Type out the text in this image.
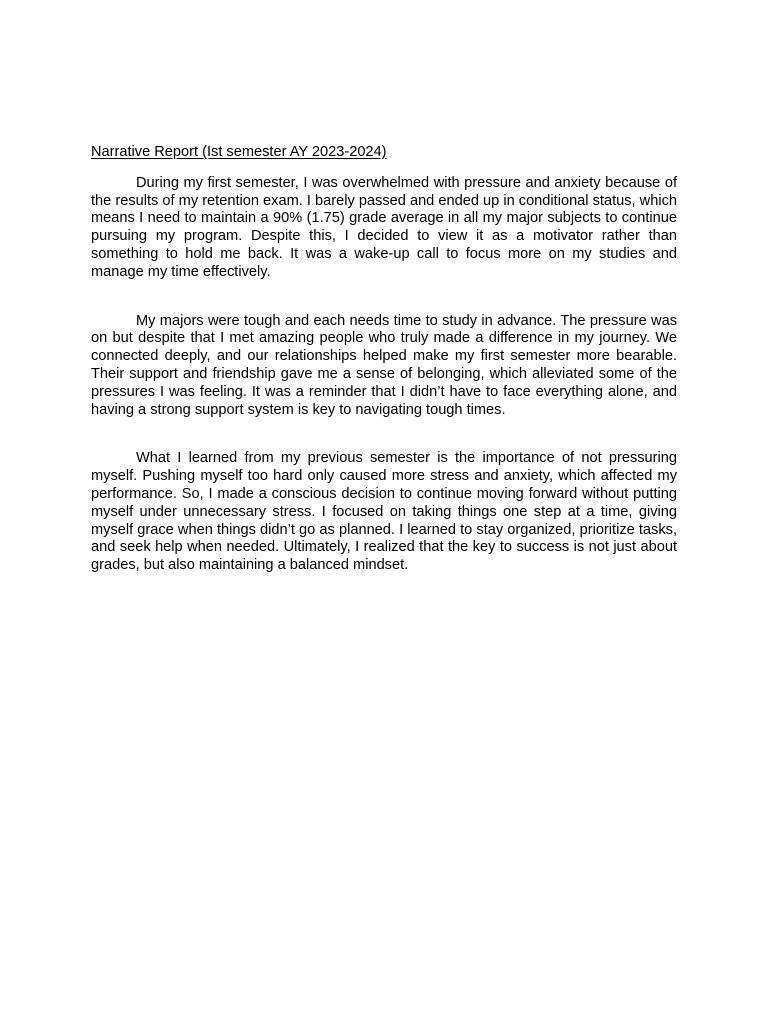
Narrative Report (Ist semester AY 2023-2024)

During my first semester, I was overwhelmed with pressure and anxiety because of the results of my retention exam. I barely passed and ended up in conditional status, which means I need to maintain a 90% (1.75) grade average in all my major subjects to continue pursuing my program. Despite this, I decided to view it as a motivator rather than something to hold me back. It was a wake-up call to focus more on my studies and manage my time effectively.

My majors were tough and each needs time to study in advance. The pressure was on but despite that I met amazing people who truly made a difference in my journey. We connected deeply, and our relationships helped make my first semester more bearable. Their support and friendship gave me a sense of belonging, which alleviated some of the pressures I was feeling. It was a reminder that I didn’t have to face everything alone, and having a strong support system is key to navigating tough times.

What I learned from my previous semester is the importance of not pressuring myself. Pushing myself too hard only caused more stress and anxiety, which affected my performance. So, I made a conscious decision to continue moving forward without putting myself under unnecessary stress. I focused on taking things one step at a time, giving myself grace when things didn’t go as planned. I learned to stay organized, prioritize tasks, and seek help when needed. Ultimately, I realized that the key to success is not just about grades, but also maintaining a balanced mindset.
